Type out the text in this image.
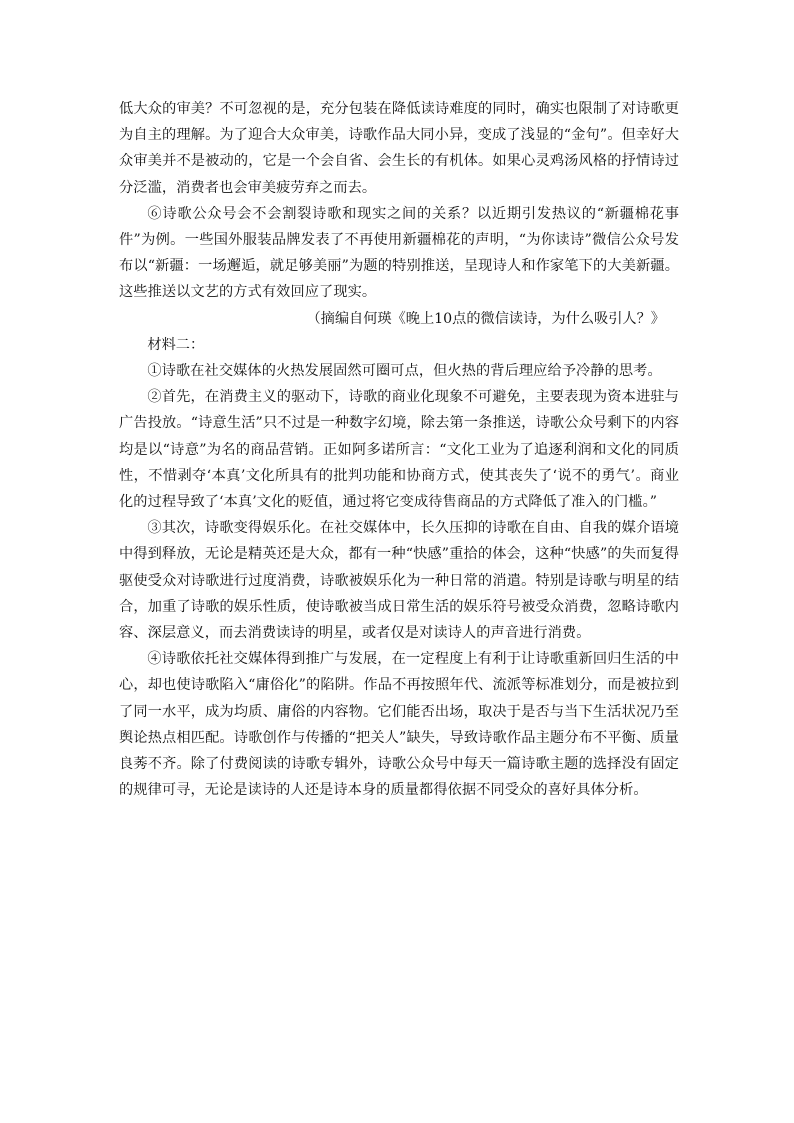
低大众的审美？不可忽视的是，充分包装在降低读诗难度的同时，确实也限制了对诗歌更为自主的理解。为了迎合大众审美，诗歌作品大同小异，变成了浅显的“金句”。但幸好大众审美并不是被动的，它是一个会自省、会生长的有机体。如果心灵鸡汤风格的抒情诗过分泛滥，消费者也会审美疲劳弃之而去。

⑥诗歌公众号会不会割裂诗歌和现实之间的关系？以近期引发热议的“新疆棉花事件”为例。一些国外服装品牌发表了不再使用新疆棉花的声明，“为你读诗”微信公众号发布以“新疆：一场邂逅，就足够美丽”为题的特别推送，呈现诗人和作家笔下的大美新疆。这些推送以文艺的方式有效回应了现实。

（摘编自何瑛《晚上10点的微信读诗，为什么吸引人？》

材料二：

①诗歌在社交媒体的火热发展固然可圈可点，但火热的背后理应给予冷静的思考。

②首先，在消费主义的驱动下，诗歌的商业化现象不可避免，主要表现为资本进驻与广告投放。“诗意生活”只不过是一种数字幻境，除去第一条推送，诗歌公众号剩下的内容均是以“诗意”为名的商品营销。正如阿多诺所言：“文化工业为了追逐利润和文化的同质性，不惜剥夺‘本真’文化所具有的批判功能和协商方式，使其丧失了‘说不的勇气’。商业化的过程导致了‘本真’文化的贬值，通过将它变成待售商品的方式降低了准入的门槛。”

③其次，诗歌变得娱乐化。在社交媒体中，长久压抑的诗歌在自由、自我的媒介语境中得到释放，无论是精英还是大众，都有一种“快感”重拾的体会，这种“快感”的失而复得驱使受众对诗歌进行过度消费，诗歌被娱乐化为一种日常的消遣。特别是诗歌与明星的结合，加重了诗歌的娱乐性质，使诗歌被当成日常生活的娱乐符号被受众消费，忽略诗歌内容、深层意义，而去消费读诗的明星，或者仅是对读诗人的声音进行消费。

④诗歌依托社交媒体得到推广与发展，在一定程度上有利于让诗歌重新回归生活的中心，却也使诗歌陷入“庸俗化”的陷阱。作品不再按照年代、流派等标准划分，而是被拉到了同一水平，成为均质、庸俗的内容物。它们能否出场，取决于是否与当下生活状况乃至舆论热点相匹配。诗歌创作与传播的“把关人”缺失，导致诗歌作品主题分布不平衡、质量良莠不齐。除了付费阅读的诗歌专辑外，诗歌公众号中每天一篇诗歌主题的选择没有固定的规律可寻，无论是读诗的人还是诗本身的质量都得依据不同受众的喜好具体分析。
